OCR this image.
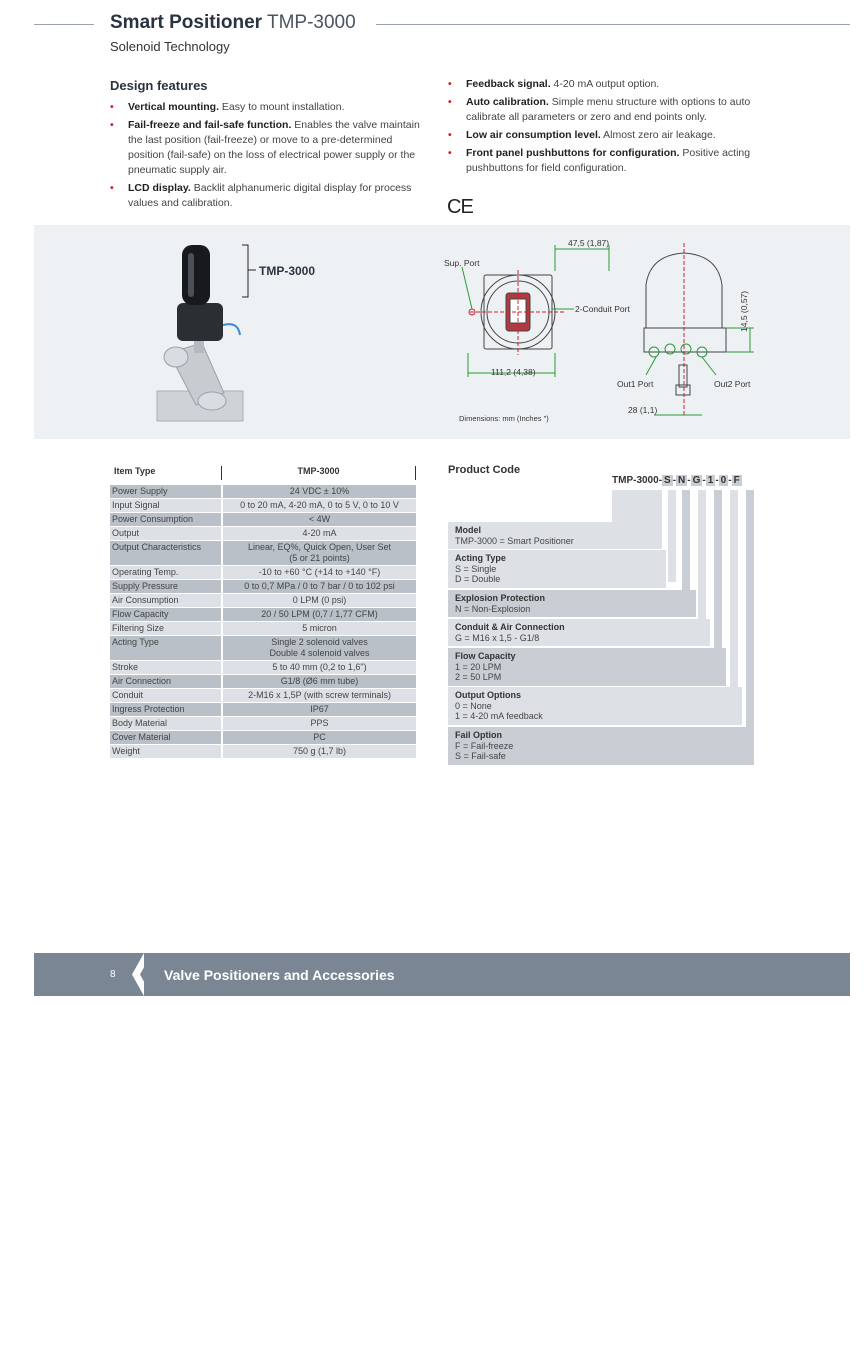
Smart Positioner TMP-3000
Solenoid Technology
Design features
• Vertical mounting. Easy to mount installation.
• Fail-freeze and fail-safe function. Enables the valve maintain the last position (fail-freeze) or move to a pre-determined position (fail-safe) on the loss of electrical power supply or the pneumatic supply air.
• LCD display. Backlit alphanumeric digital display for process values and calibration.
• Feedback signal. 4-20 mA output option.
• Auto calibration. Simple menu structure with options to auto calibrate all parameters or zero and end points only.
• Low air consumption level. Almost zero air leakage.
• Front panel pushbuttons for configuration. Positive acting pushbuttons for field configuration.
CE
TMP-3000
47,5 (1,87)
Sup. Port
2-Conduit Port
111,2 (4,38)
14,5 (0,57)
Out1 Port	Out2 Port
28 (1,1)
Dimensions: mm (Inches ")
Item Type	TMP-3000
Power Supply	24 VDC ± 10%
Input Signal	0 to 20 mA, 4-20 mA, 0 to 5 V, 0 to 10 V
Power Consumption	< 4W
Output	4-20 mA
Output Characteristics	Linear, EQ%, Quick Open, User Set
(5 or 21 points)
Operating Temp.	-10 to +60 °C (+14 to +140 °F)
Supply Pressure	0 to 0,7 MPa / 0 to 7 bar / 0 to 102 psi
Air Consumption	0 LPM (0 psi)
Flow Capacity	20 / 50 LPM (0,7 / 1,77 CFM)
Filtering Size	5 micron
Acting Type	Single 2 solenoid valves
Double 4 solenoid valves
Stroke	5 to 40 mm (0,2 to 1,6")
Air Connection	G1/8 (Ø6 mm tube)
Conduit	2-M16 x 1,5P (with screw terminals)
Ingress Protection	IP67
Body Material	PPS
Cover Material	PC
Weight	750 g (1,7 lb)
Product Code
TMP-3000 - S - N - G - 1 - 0 - F
Model
TMP-3000 = Smart Positioner
Acting Type
S = Single
D = Double
Explosion Protection
N = Non-Explosion
Conduit & Air Connection
G = M16 x 1,5 - G1/8
Flow Capacity
1 = 20 LPM
2 = 50 LPM
Output Options
0 = None
1 = 4-20 mA feedback
Fail Option
F = Fail-freeze
S = Fail-safe
8	Valve Positioners and Accessories
